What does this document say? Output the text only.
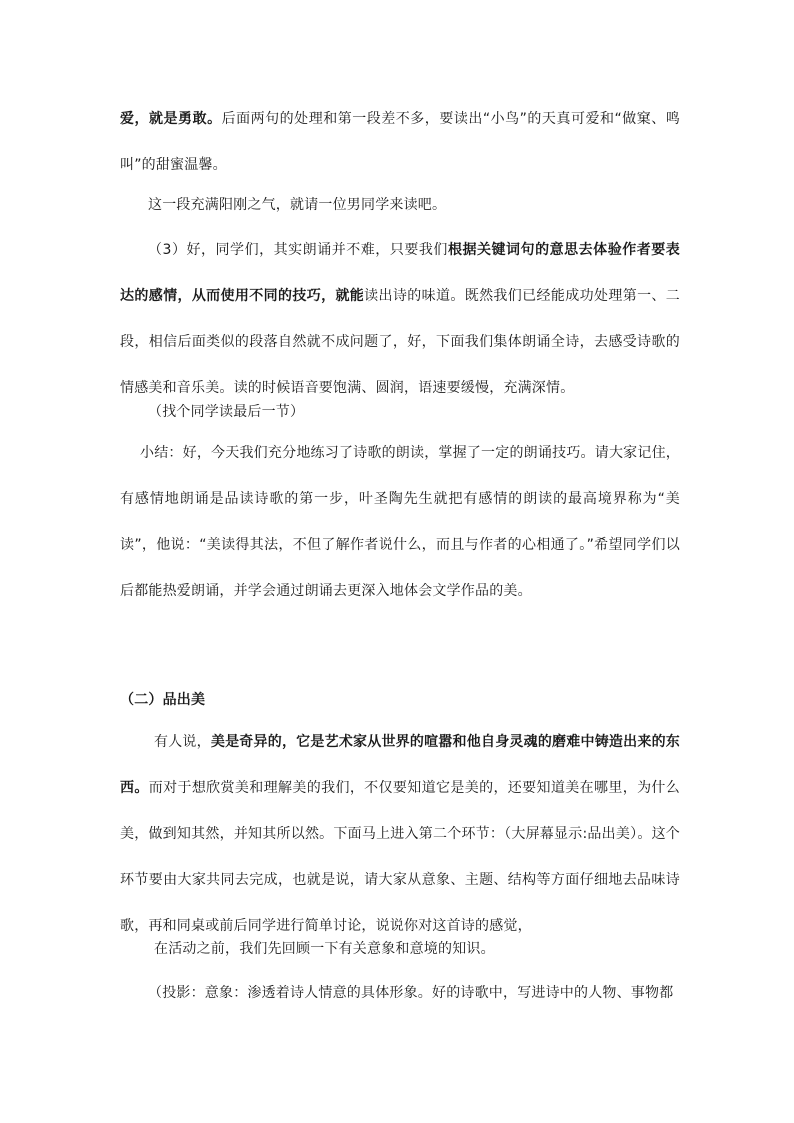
爱，就是勇敢。后面两句的处理和第一段差不多，要读出“小鸟”的天真可爱和“做窠、鸣叫”的甜蜜温馨。

这一段充满阳刚之气，就请一位男同学来读吧。

（3）好，同学们，其实朗诵并不难，只要我们根据关键词句的意思去体验作者要表达的感情，从而使用不同的技巧，就能读出诗的味道。既然我们已经能成功处理第一、二段，相信后面类似的段落自然就不成问题了，好，下面我们集体朗诵全诗，去感受诗歌的情感美和音乐美。读的时候语音要饱满、圆润，语速要缓慢，充满深情。

（找个同学读最后一节）

小结：好，今天我们充分地练习了诗歌的朗读，掌握了一定的朗诵技巧。请大家记住，有感情地朗诵是品读诗歌的第一步，叶圣陶先生就把有感情的朗读的最高境界称为“美读”，他说：“美读得其法，不但了解作者说什么，而且与作者的心相通了。”希望同学们以后都能热爱朗诵，并学会通过朗诵去更深入地体会文学作品的美。

（二）品出美

有人说，美是奇异的，它是艺术家从世界的喧嚣和他自身灵魂的磨难中铸造出来的东西。而对于想欣赏美和理解美的我们，不仅要知道它是美的，还要知道美在哪里，为什么美，做到知其然，并知其所以然。下面马上进入第二个环节：（大屏幕显示:品出美）。这个环节要由大家共同去完成，也就是说，请大家从意象、主题、结构等方面仔细地去品味诗歌，再和同桌或前后同学进行简单讨论，说说你对这首诗的感觉，

在活动之前，我们先回顾一下有关意象和意境的知识。

（投影：意象：渗透着诗人情意的具体形象。好的诗歌中，写进诗中的人物、事物都
